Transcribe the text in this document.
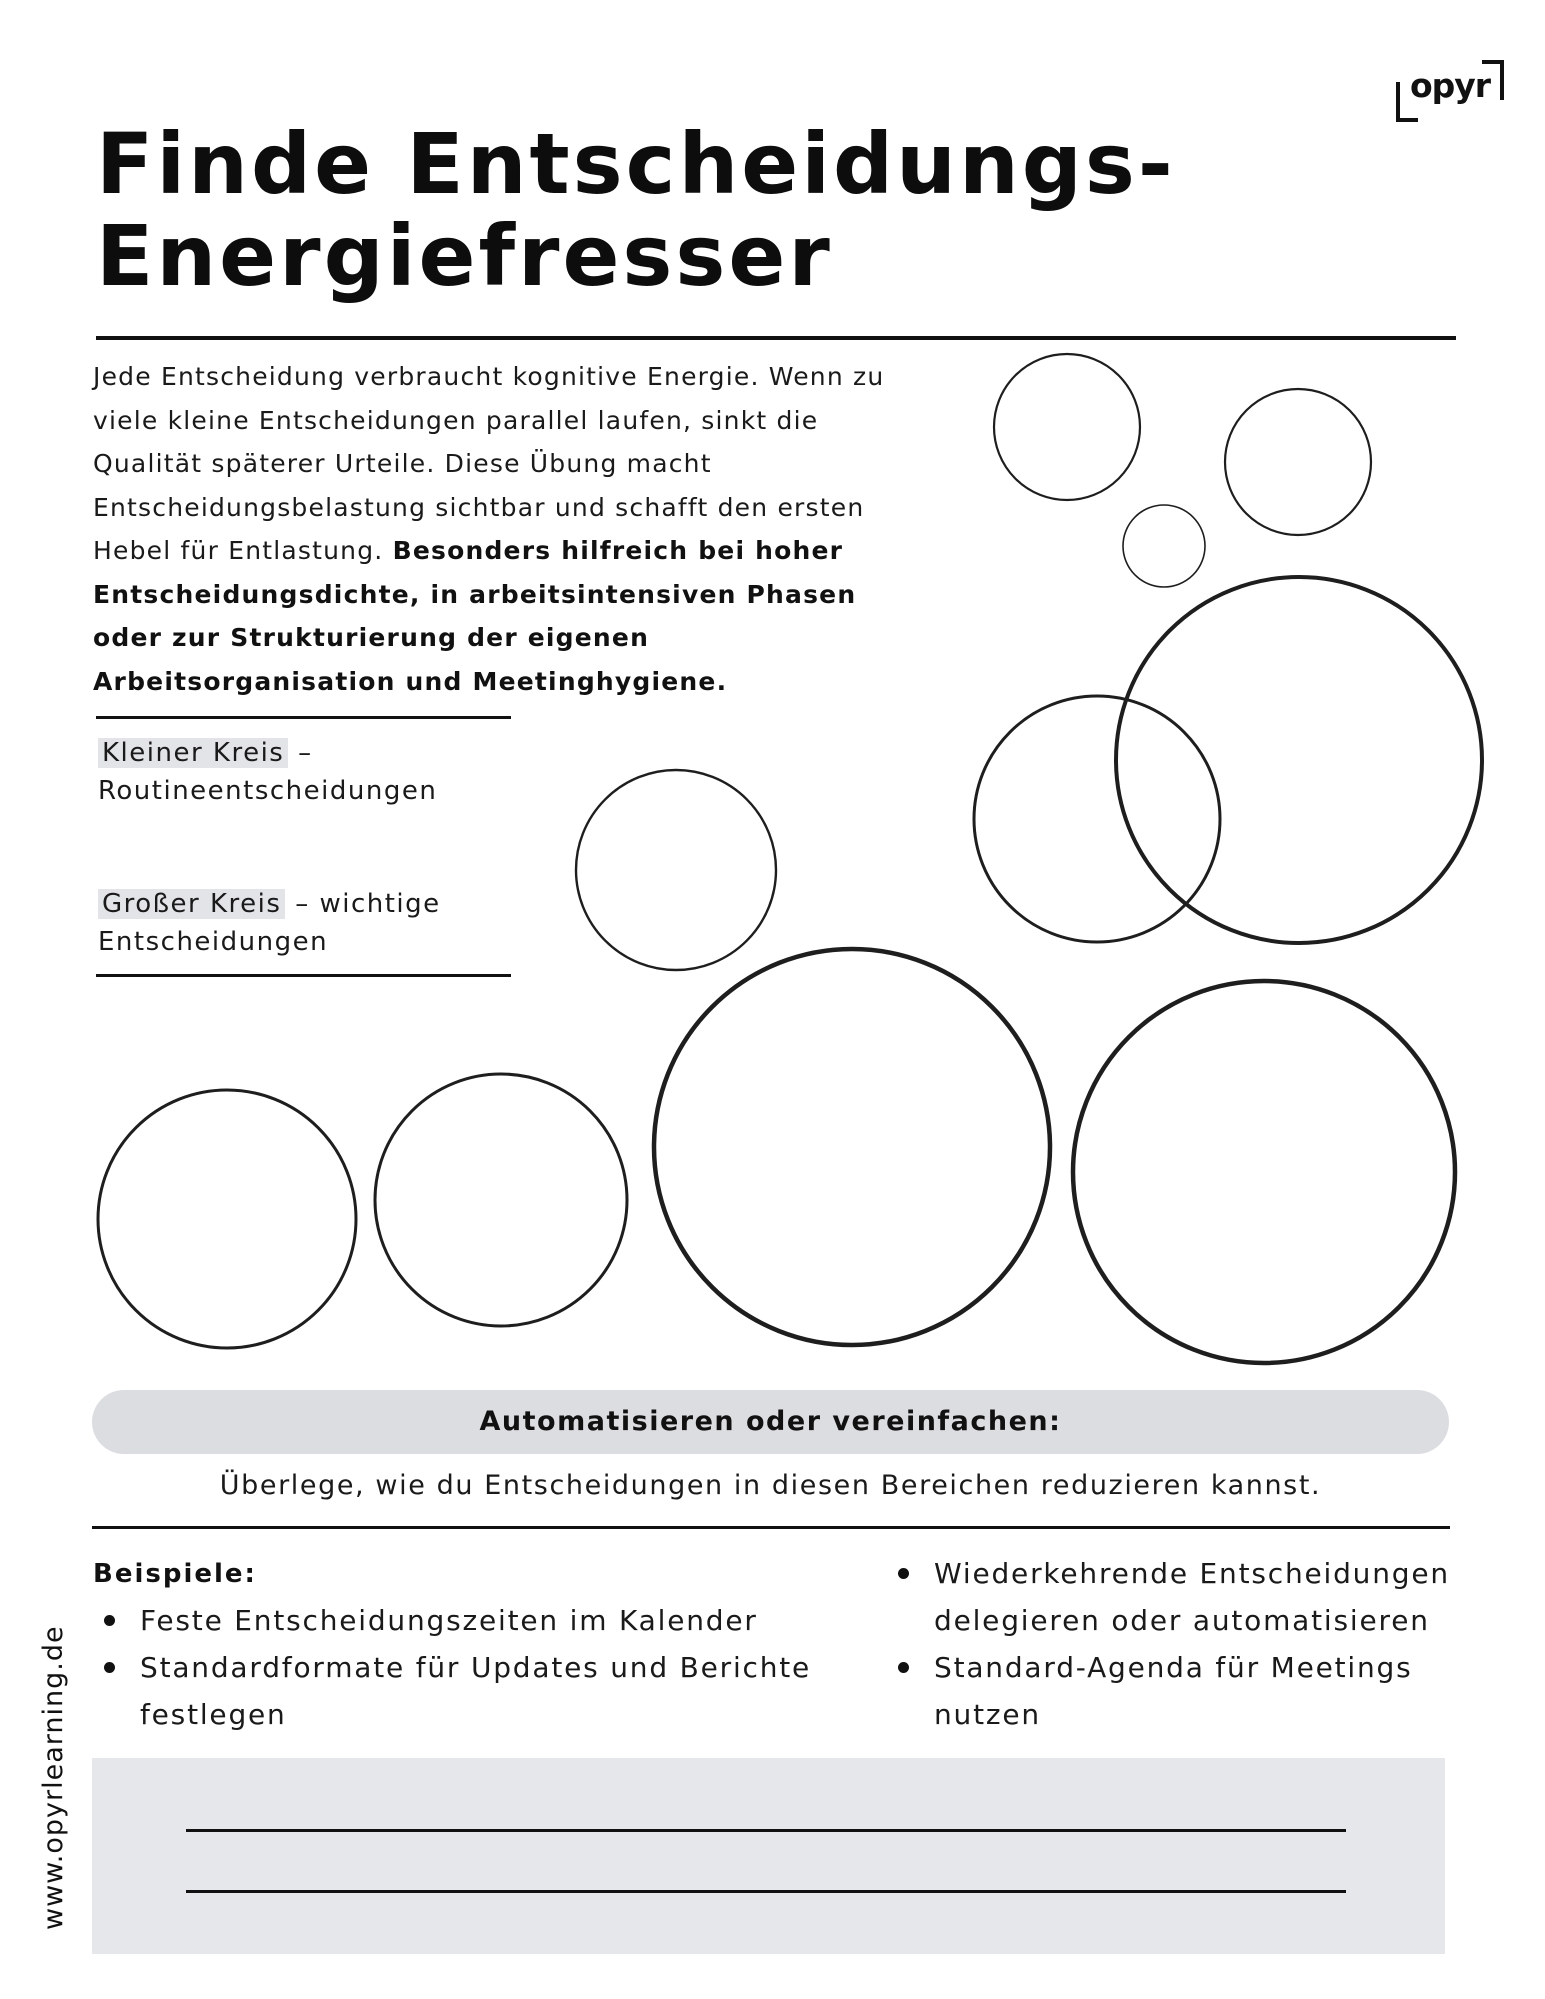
opyr
Finde Entscheidungs-
Energiefresser
Jede Entscheidung verbraucht kognitive Energie. Wenn zu viele kleine Entscheidungen parallel laufen, sinkt die Qualität späterer Urteile. Diese Übung macht Entscheidungsbelastung sichtbar und schafft den ersten Hebel für Entlastung. Besonders hilfreich bei hoher Entscheidungsdichte, in arbeitsintensiven Phasen oder zur Strukturierung der eigenen Arbeitsorganisation und Meetinghygiene.
Kleiner Kreis – Routineentscheidungen
Großer Kreis – wichtige Entscheidungen
Automatisieren oder vereinfachen:
Überlege, wie du Entscheidungen in diesen Bereichen reduzieren kannst.
Beispiele:
Feste Entscheidungszeiten im Kalender
Standardformate für Updates und Berichte festlegen
Wiederkehrende Entscheidungen delegieren oder automatisieren
Standard-Agenda für Meetings nutzen
www.opyrlearning.de
